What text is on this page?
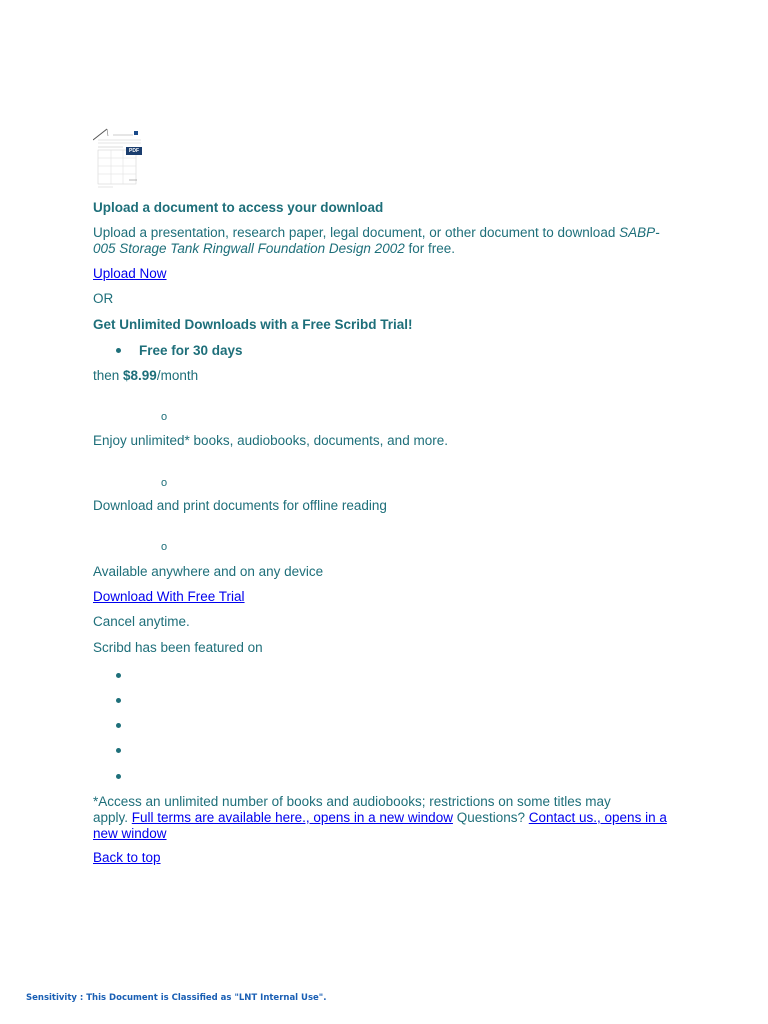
PDF
Upload a document to access your download
Upload a presentation, research paper, legal document, or other document to download SABP-
005 Storage Tank Ringwall Foundation Design 2002 for free.
Upload Now
OR
Get Unlimited Downloads with a Free Scribd Trial!
Free for 30 days
then $8.99/month
o
Enjoy unlimited* books, audiobooks, documents, and more.
o
Download and print documents for offline reading
o
Available anywhere and on any device
Download With Free Trial
Cancel anytime.
Scribd has been featured on
*Access an unlimited number of books and audiobooks; restrictions on some titles may
apply. Full terms are available here., opens in a new window Questions? Contact us., opens in a
new window
Back to top
Sensitivity : This Document is Classified as "LNT Internal Use".
